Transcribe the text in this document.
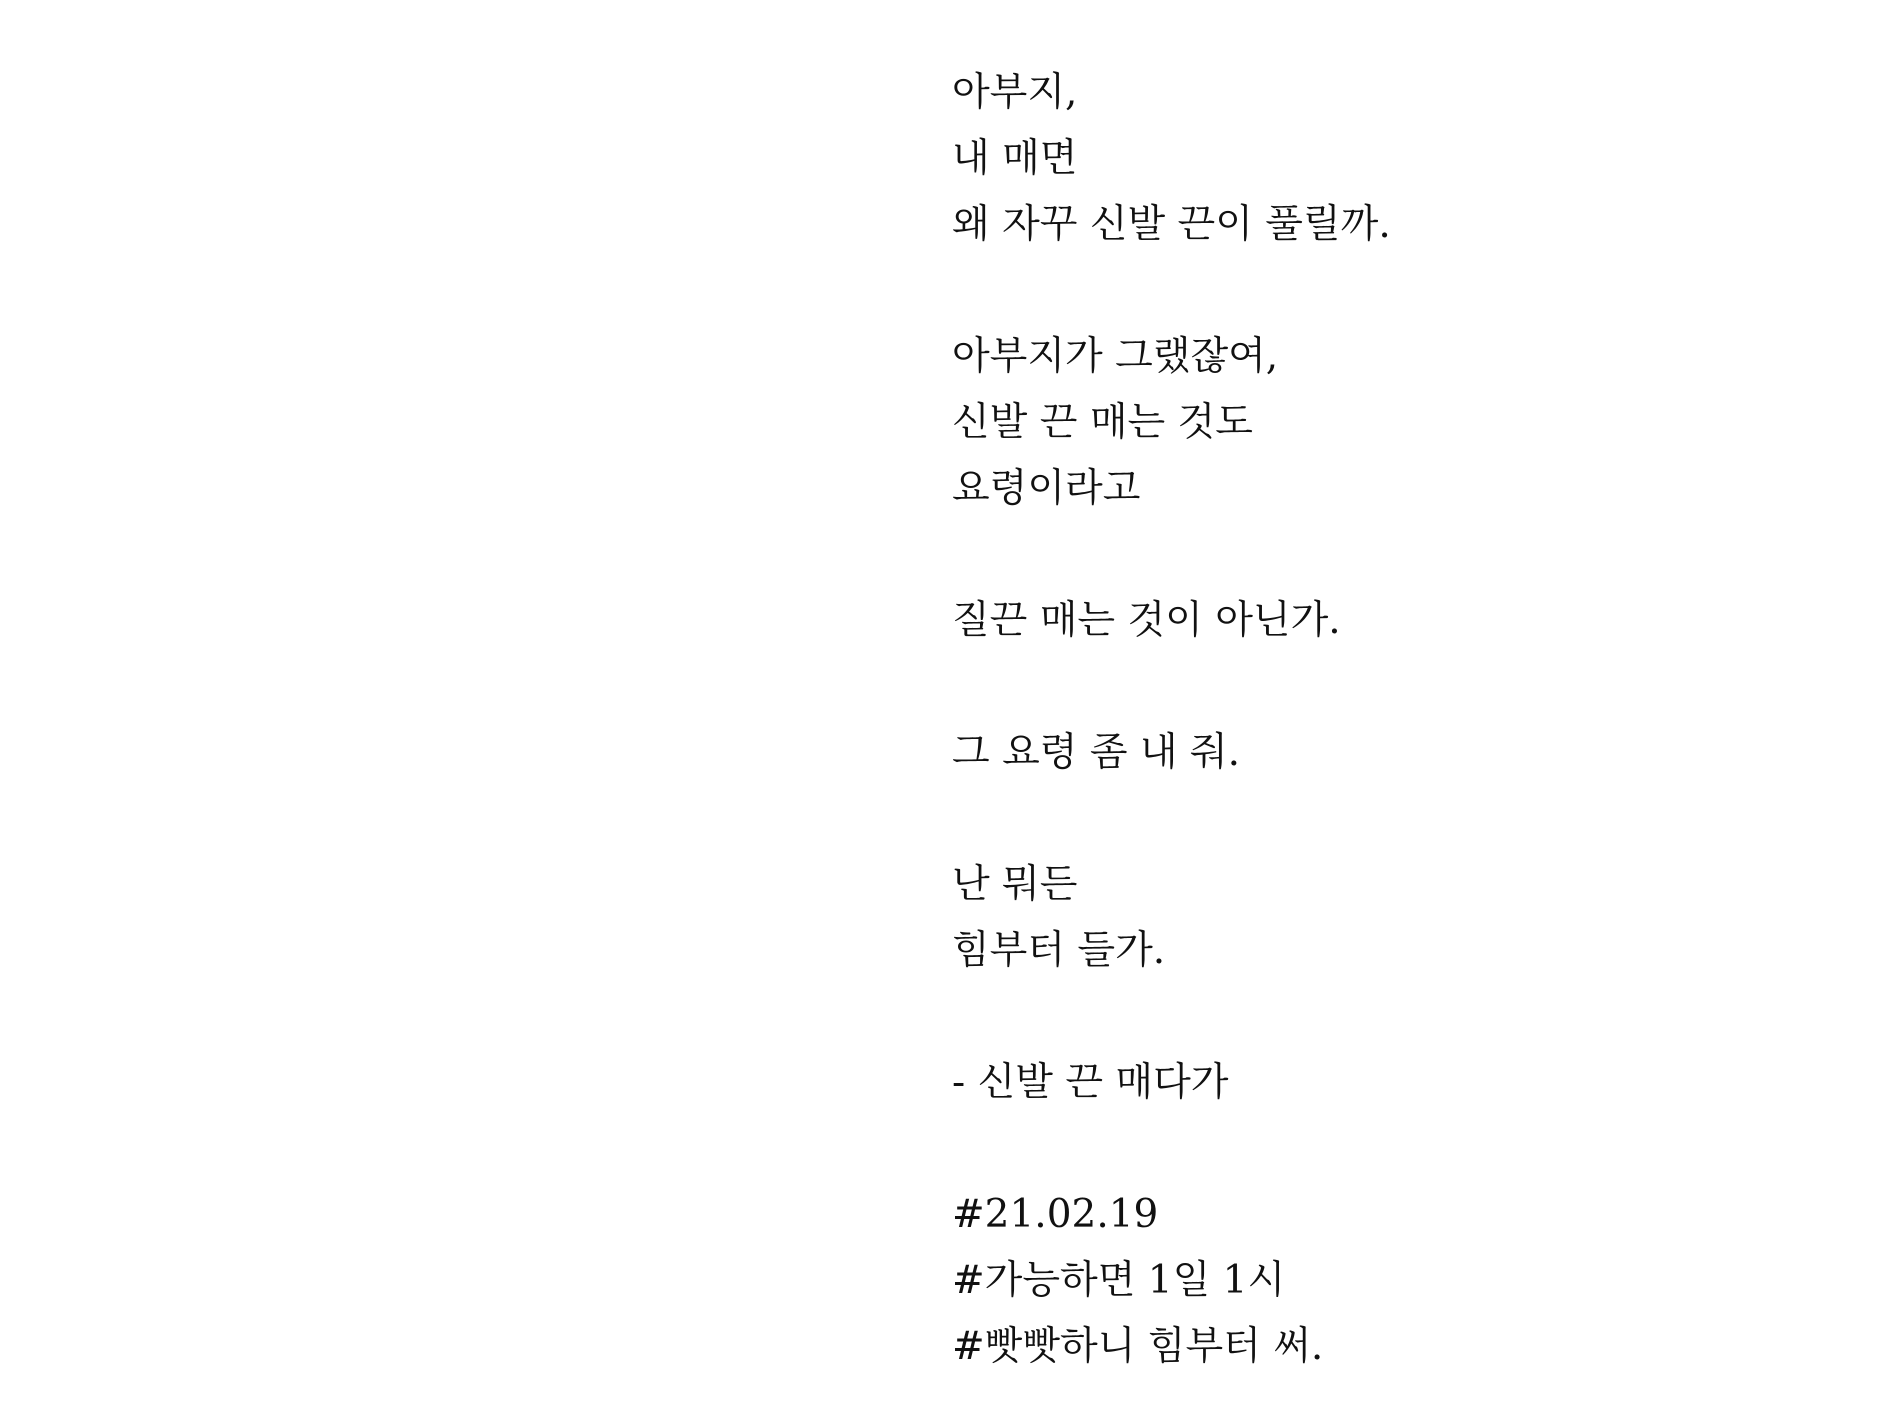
아부지,
내 매면
왜 자꾸 신발 끈이 풀릴까.
아부지가 그랬잖여,
신발 끈 매는 것도
요령이라고
질끈 매는 것이 아닌가.
그 요령 좀 내 줘.
난 뭐든
힘부터 들가.
- 신발 끈 매다가
#21.02.19
#가능하면 1일 1시
#빳빳하니 힘부터 써.
